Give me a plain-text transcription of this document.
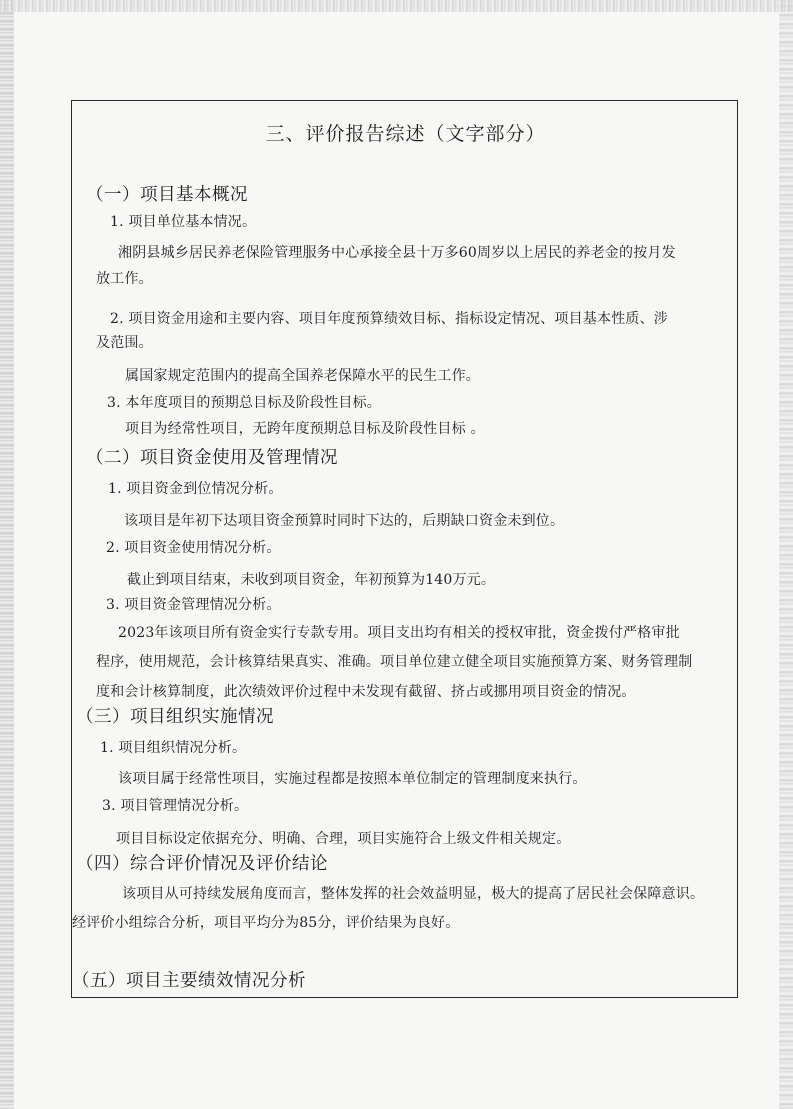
三、评价报告综述（文字部分）

（一）项目基本概况

1. 项目单位基本情况。

湘阴县城乡居民养老保险管理服务中心承接全县十万多60周岁以上居民的养老金的按月发

放工作。

2. 项目资金用途和主要内容、项目年度预算绩效目标、指标设定情况、项目基本性质、涉

及范围。

属国家规定范围内的提高全国养老保障水平的民生工作。

3. 本年度项目的预期总目标及阶段性目标。

项目为经常性项目，无跨年度预期总目标及阶段性目标 。

（二）项目资金使用及管理情况

1. 项目资金到位情况分析。

该项目是年初下达项目资金预算时同时下达的，后期缺口资金未到位。

2. 项目资金使用情况分析。

截止到项目结束，未收到项目资金，年初预算为140万元。

3. 项目资金管理情况分析。

2023年该项目所有资金实行专款专用。项目支出均有相关的授权审批，资金拨付严格审批

程序，使用规范，会计核算结果真实、准确。项目单位建立健全项目实施预算方案、财务管理制

度和会计核算制度，此次绩效评价过程中未发现有截留、挤占或挪用项目资金的情况。

（三）项目组织实施情况

1. 项目组织情况分析。

该项目属于经常性项目，实施过程都是按照本单位制定的管理制度来执行。

3. 项目管理情况分析。

项目目标设定依据充分、明确、合理，项目实施符合上级文件相关规定。

（四）综合评价情况及评价结论

该项目从可持续发展角度而言，整体发挥的社会效益明显，极大的提高了居民社会保障意识。

经评价小组综合分析，项目平均分为85分，评价结果为良好。

（五）项目主要绩效情况分析
